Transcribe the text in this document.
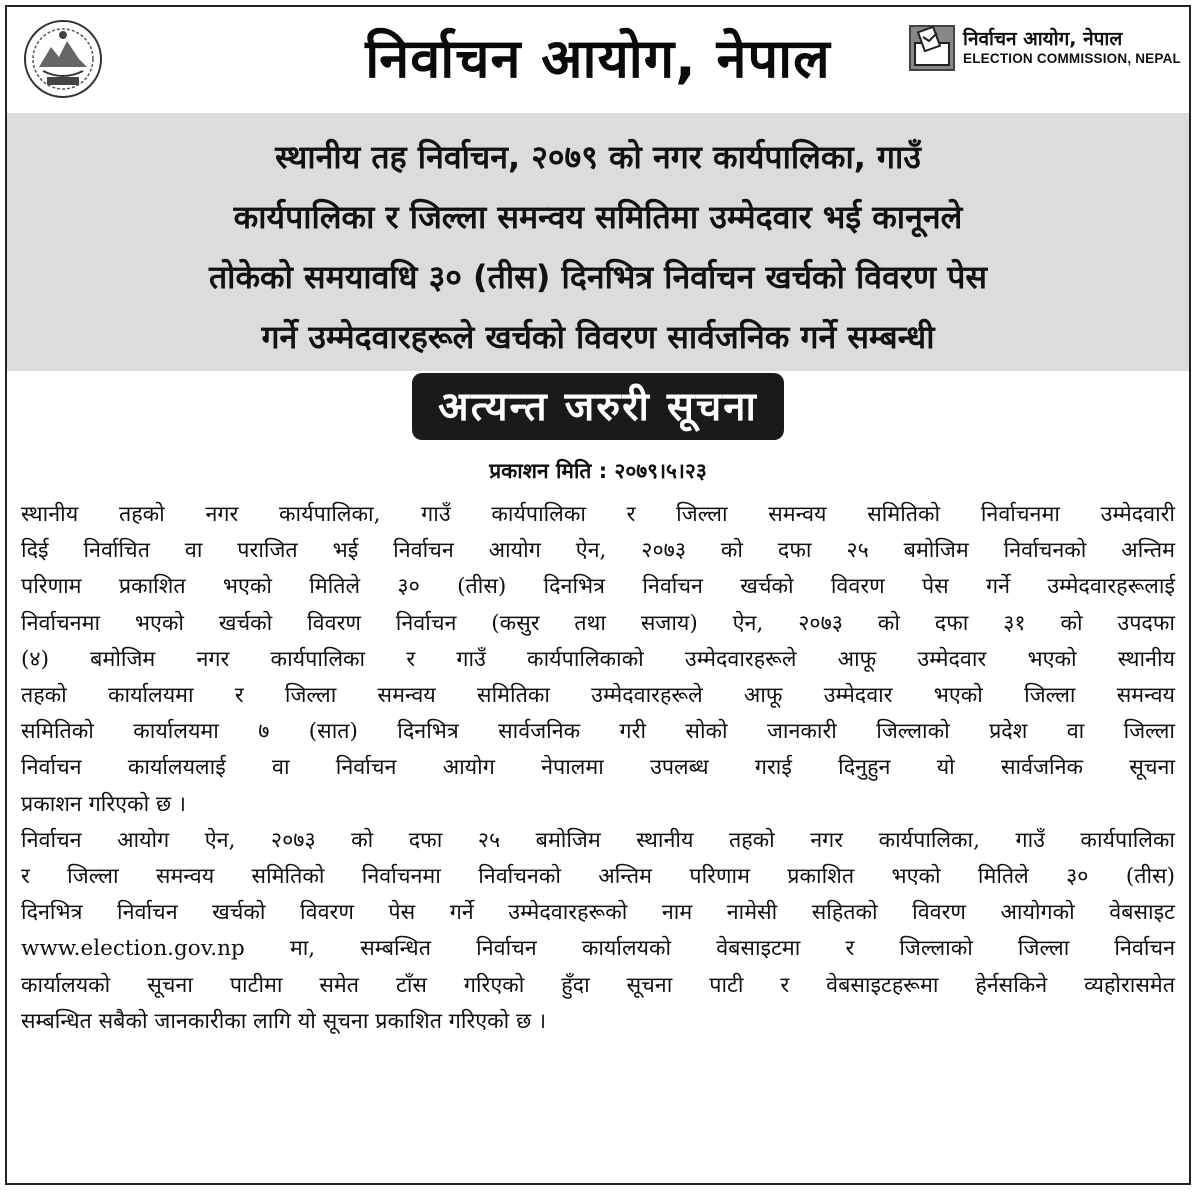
निर्वाचन आयोग, नेपाल	निर्वाचन आयोग, नेपाल
ELECTION COMMISSION, NEPAL
स्थानीय तह निर्वाचन, २०७९ को नगर कार्यपालिका, गाउँ
कार्यपालिका र जिल्ला समन्वय समितिमा उम्मेदवार भई कानूनले
तोकेको समयावधि ३० (तीस) दिनभित्र निर्वाचन खर्चको विवरण पेस
गर्ने उम्मेदवारहरूले खर्चको विवरण सार्वजनिक गर्ने सम्बन्धी
अत्यन्त जरुरी सूचना
प्रकाशन मिति : २०७९।५।२३
स्थानीय तहको नगर कार्यपालिका, गाउँ कार्यपालिका र जिल्ला समन्वय समितिको निर्वाचनमा उम्मेदवारी
दिई निर्वाचित वा पराजित भई निर्वाचन आयोग ऐन, २०७३ को दफा २५ बमोजिम निर्वाचनको अन्तिम
परिणाम प्रकाशित भएको मितिले ३० (तीस) दिनभित्र निर्वाचन खर्चको विवरण पेस गर्ने उम्मेदवारहरूलाई
निर्वाचनमा भएको खर्चको विवरण निर्वाचन (कसुर तथा सजाय) ऐन, २०७३ को दफा ३१ को उपदफा
(४) बमोजिम नगर कार्यपालिका र गाउँ कार्यपालिकाको उम्मेदवारहरूले आफू उम्मेदवार भएको स्थानीय
तहको कार्यालयमा र जिल्ला समन्वय समितिका उम्मेदवारहरूले आफू उम्मेदवार भएको जिल्ला समन्वय
समितिको कार्यालयमा ७ (सात) दिनभित्र सार्वजनिक गरी सोको जानकारी जिल्लाको प्रदेश वा जिल्ला
निर्वाचन कार्यालयलाई वा निर्वाचन आयोग नेपालमा उपलब्ध गराई दिनुहुन यो सार्वजनिक सूचना
प्रकाशन गरिएको छ ।
निर्वाचन आयोग ऐन, २०७३ को दफा २५ बमोजिम स्थानीय तहको नगर कार्यपालिका, गाउँ कार्यपालिका
र जिल्ला समन्वय समितिको निर्वाचनमा निर्वाचनको अन्तिम परिणाम प्रकाशित भएको मितिले ३० (तीस)
दिनभित्र निर्वाचन खर्चको विवरण पेस गर्ने उम्मेदवारहरूको नाम नामेसी सहितको विवरण आयोगको वेबसाइट
www.election.gov.np मा, सम्बन्धित निर्वाचन कार्यालयको वेबसाइटमा र जिल्लाको जिल्ला निर्वाचन
कार्यालयको सूचना पाटीमा समेत टाँस गरिएको हुँदा सूचना पाटी र वेबसाइटहरूमा हेर्नसकिने व्यहोरासमेत
सम्बन्धित सबैको जानकारीका लागि यो सूचना प्रकाशित गरिएको छ ।
